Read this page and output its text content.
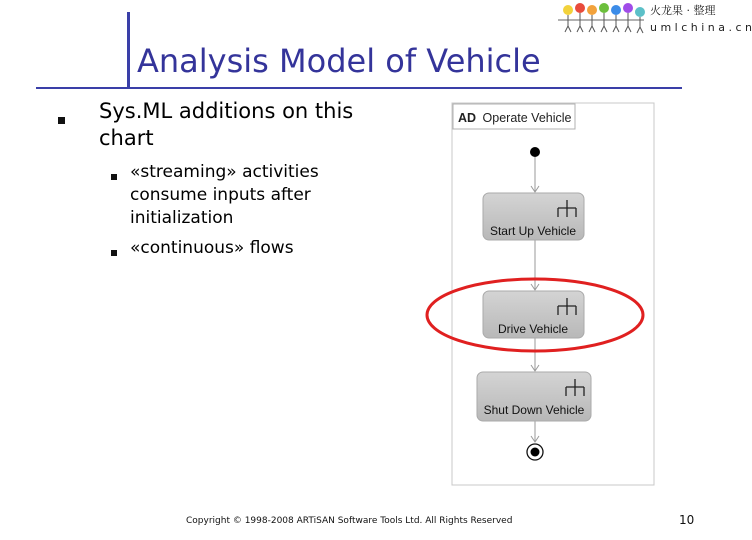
Analysis Model of Vehicle
火龙果 · 整理
u m l c h i n a . c n
Sys.ML additions on this chart
«streaming» activities consume inputs after initialization
«continuous» flows
AD Operate Vehicle
Start Up Vehicle
Drive Vehicle
Shut Down Vehicle
Copyright © 1998-2008 ARTiSAN Software Tools Ltd. All Rights Reserved	10
